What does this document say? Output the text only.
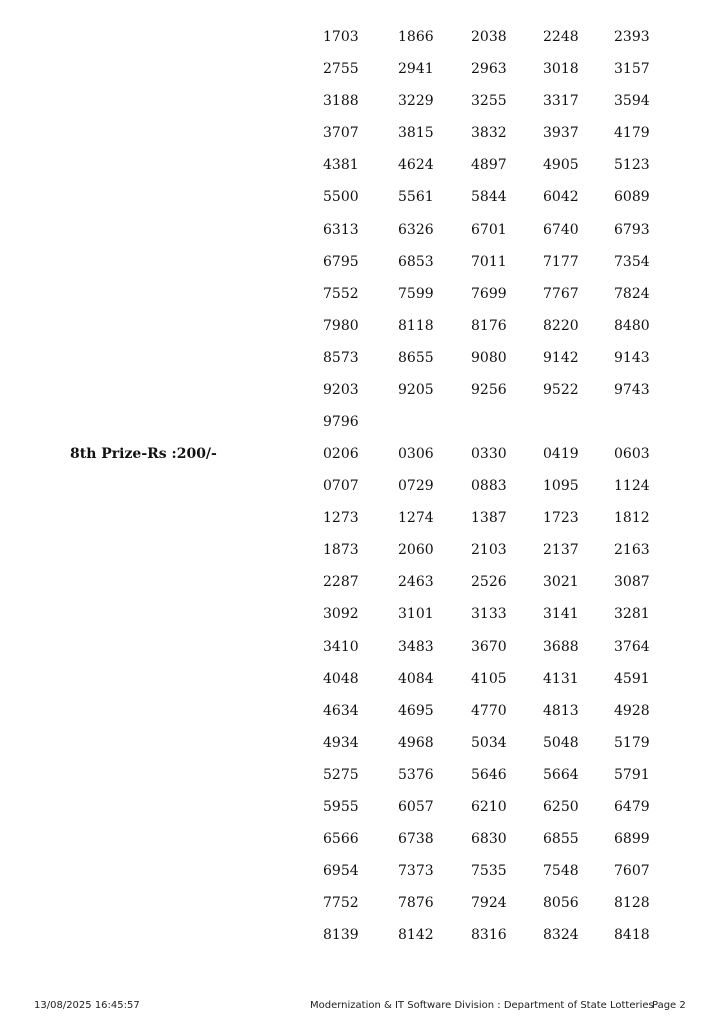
1703	1866	2038	2248	2393
2755	2941	2963	3018	3157
3188	3229	3255	3317	3594
3707	3815	3832	3937	4179
4381	4624	4897	4905	5123
5500	5561	5844	6042	6089
6313	6326	6701	6740	6793
6795	6853	7011	7177	7354
7552	7599	7699	7767	7824
7980	8118	8176	8220	8480
8573	8655	9080	9142	9143
9203	9205	9256	9522	9743
9796
8th Prize-Rs :200/-	0206	0306	0330	0419	0603
0707	0729	0883	1095	1124
1273	1274	1387	1723	1812
1873	2060	2103	2137	2163
2287	2463	2526	3021	3087
3092	3101	3133	3141	3281
3410	3483	3670	3688	3764
4048	4084	4105	4131	4591
4634	4695	4770	4813	4928
4934	4968	5034	5048	5179
5275	5376	5646	5664	5791
5955	6057	6210	6250	6479
6566	6738	6830	6855	6899
6954	7373	7535	7548	7607
7752	7876	7924	8056	8128
8139	8142	8316	8324	8418
13/08/2025 16:45:57	Modernization & IT Software Division : Department of State Lotteries
Page 2
